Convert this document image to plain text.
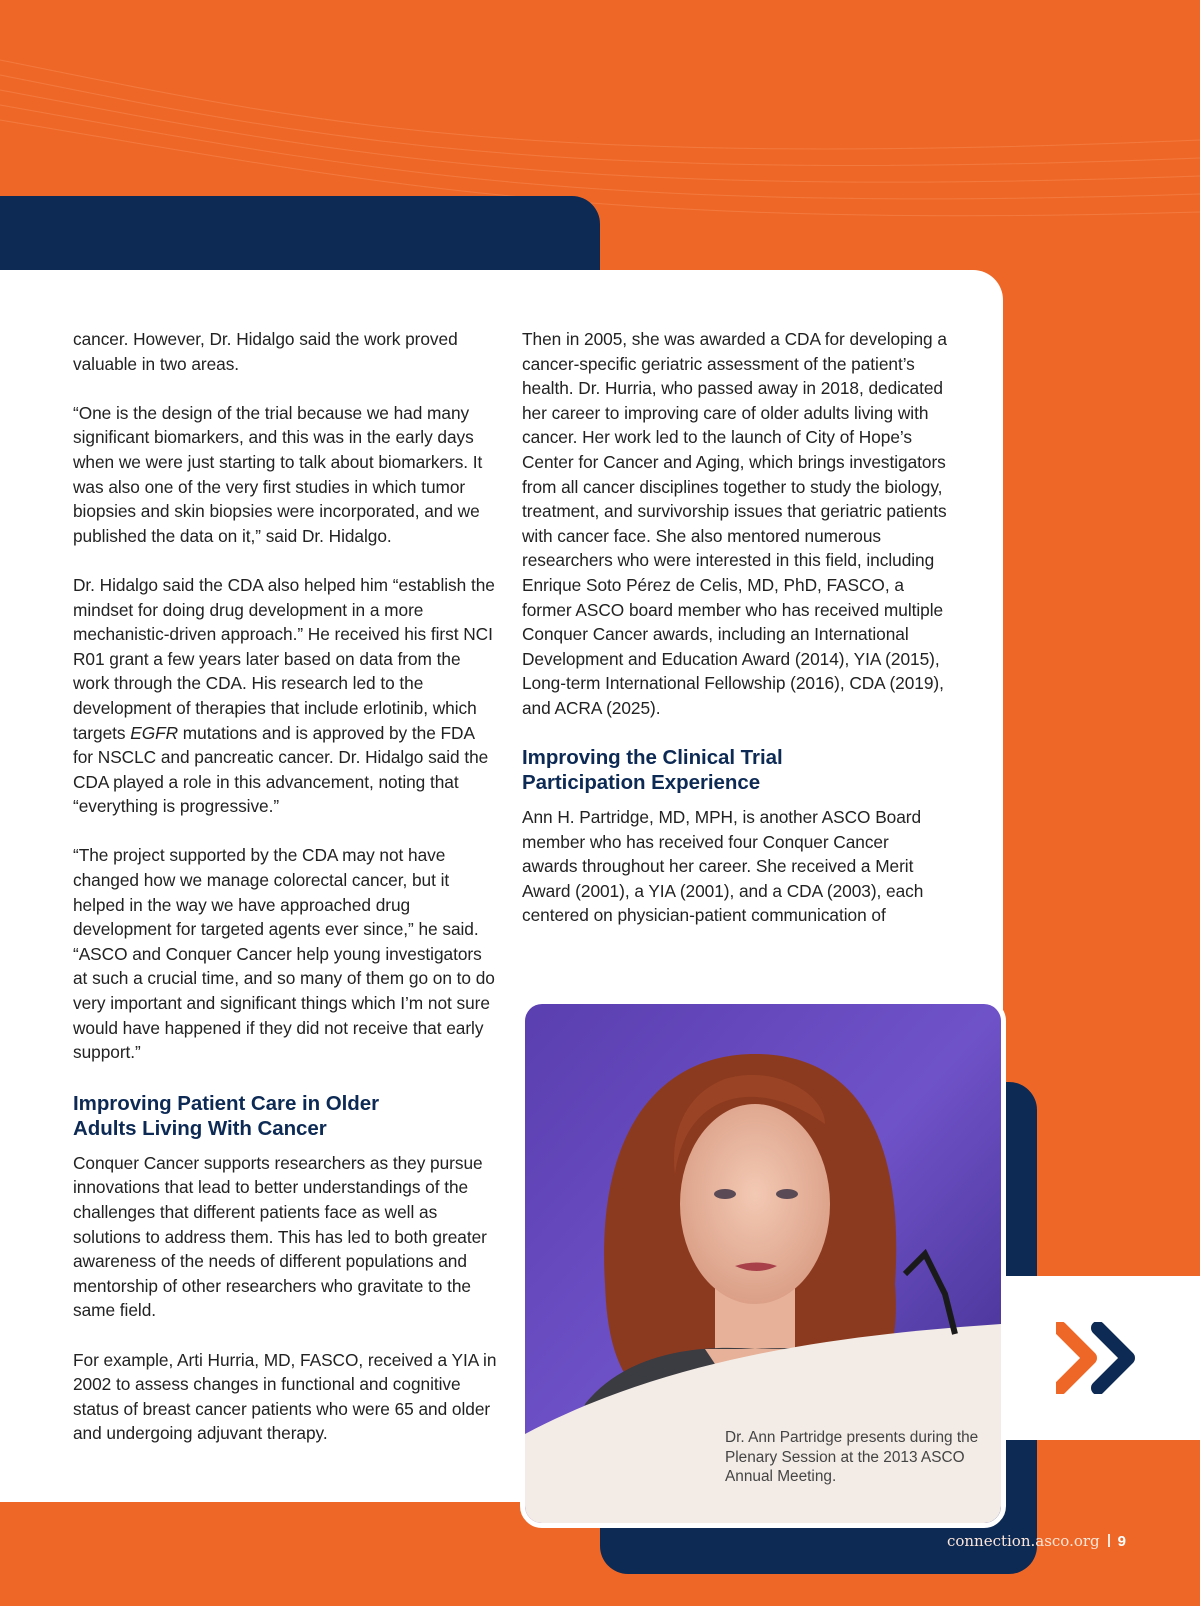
cancer. However, Dr. Hidalgo said the work proved valuable in two areas.

“One is the design of the trial because we had many significant biomarkers, and this was in the early days when we were just starting to talk about biomarkers. It was also one of the very first studies in which tumor biopsies and skin biopsies were incorporated, and we published the data on it,” said Dr. Hidalgo.

Dr. Hidalgo said the CDA also helped him “establish the mindset for doing drug development in a more mechanistic-driven approach.” He received his first NCI R01 grant a few years later based on data from the work through the CDA. His research led to the development of therapies that include erlotinib, which targets EGFR mutations and is approved by the FDA for NSCLC and pancreatic cancer. Dr. Hidalgo said the CDA played a role in this advancement, noting that “everything is progressive.”

“The project supported by the CDA may not have changed how we manage colorectal cancer, but it helped in the way we have approached drug development for targeted agents ever since,” he said. “ASCO and Conquer Cancer help young investigators at such a crucial time, and so many of them go on to do very important and significant things which I’m not sure would have happened if they did not receive that early support.”

Improving Patient Care in Older
Adults Living With Cancer

Conquer Cancer supports researchers as they pursue innovations that lead to better understandings of the challenges that different patients face as well as solutions to address them. This has led to both greater awareness of the needs of different populations and mentorship of other researchers who gravitate to the same field.

For example, Arti Hurria, MD, FASCO, received a YIA in 2002 to assess changes in functional and cognitive status of breast cancer patients who were 65 and older and undergoing adjuvant therapy.

Then in 2005, she was awarded a CDA for developing a cancer-specific geriatric assessment of the patient’s health. Dr. Hurria, who passed away in 2018, dedicated her career to improving care of older adults living with cancer. Her work led to the launch of City of Hope’s Center for Cancer and Aging, which brings investigators from all cancer disciplines together to study the biology, treatment, and survivorship issues that geriatric patients with cancer face. She also mentored numerous researchers who were interested in this field, including Enrique Soto Pérez de Celis, MD, PhD, FASCO, a former ASCO board member who has received multiple Conquer Cancer awards, including an International Development and Education Award (2014), YIA (2015), Long-term International Fellowship (2016), CDA (2019), and ACRA (2025).

Improving the Clinical Trial
Participation Experience

Ann H. Partridge, MD, MPH, is another ASCO Board member who has received four Conquer Cancer awards throughout her career. She received a Merit Award (2001), a YIA (2001), and a CDA (2003), each centered on physician-patient communication of

Dr. Ann Partridge presents during the Plenary Session at the 2013 ASCO Annual Meeting.
connection.asco.org 9
